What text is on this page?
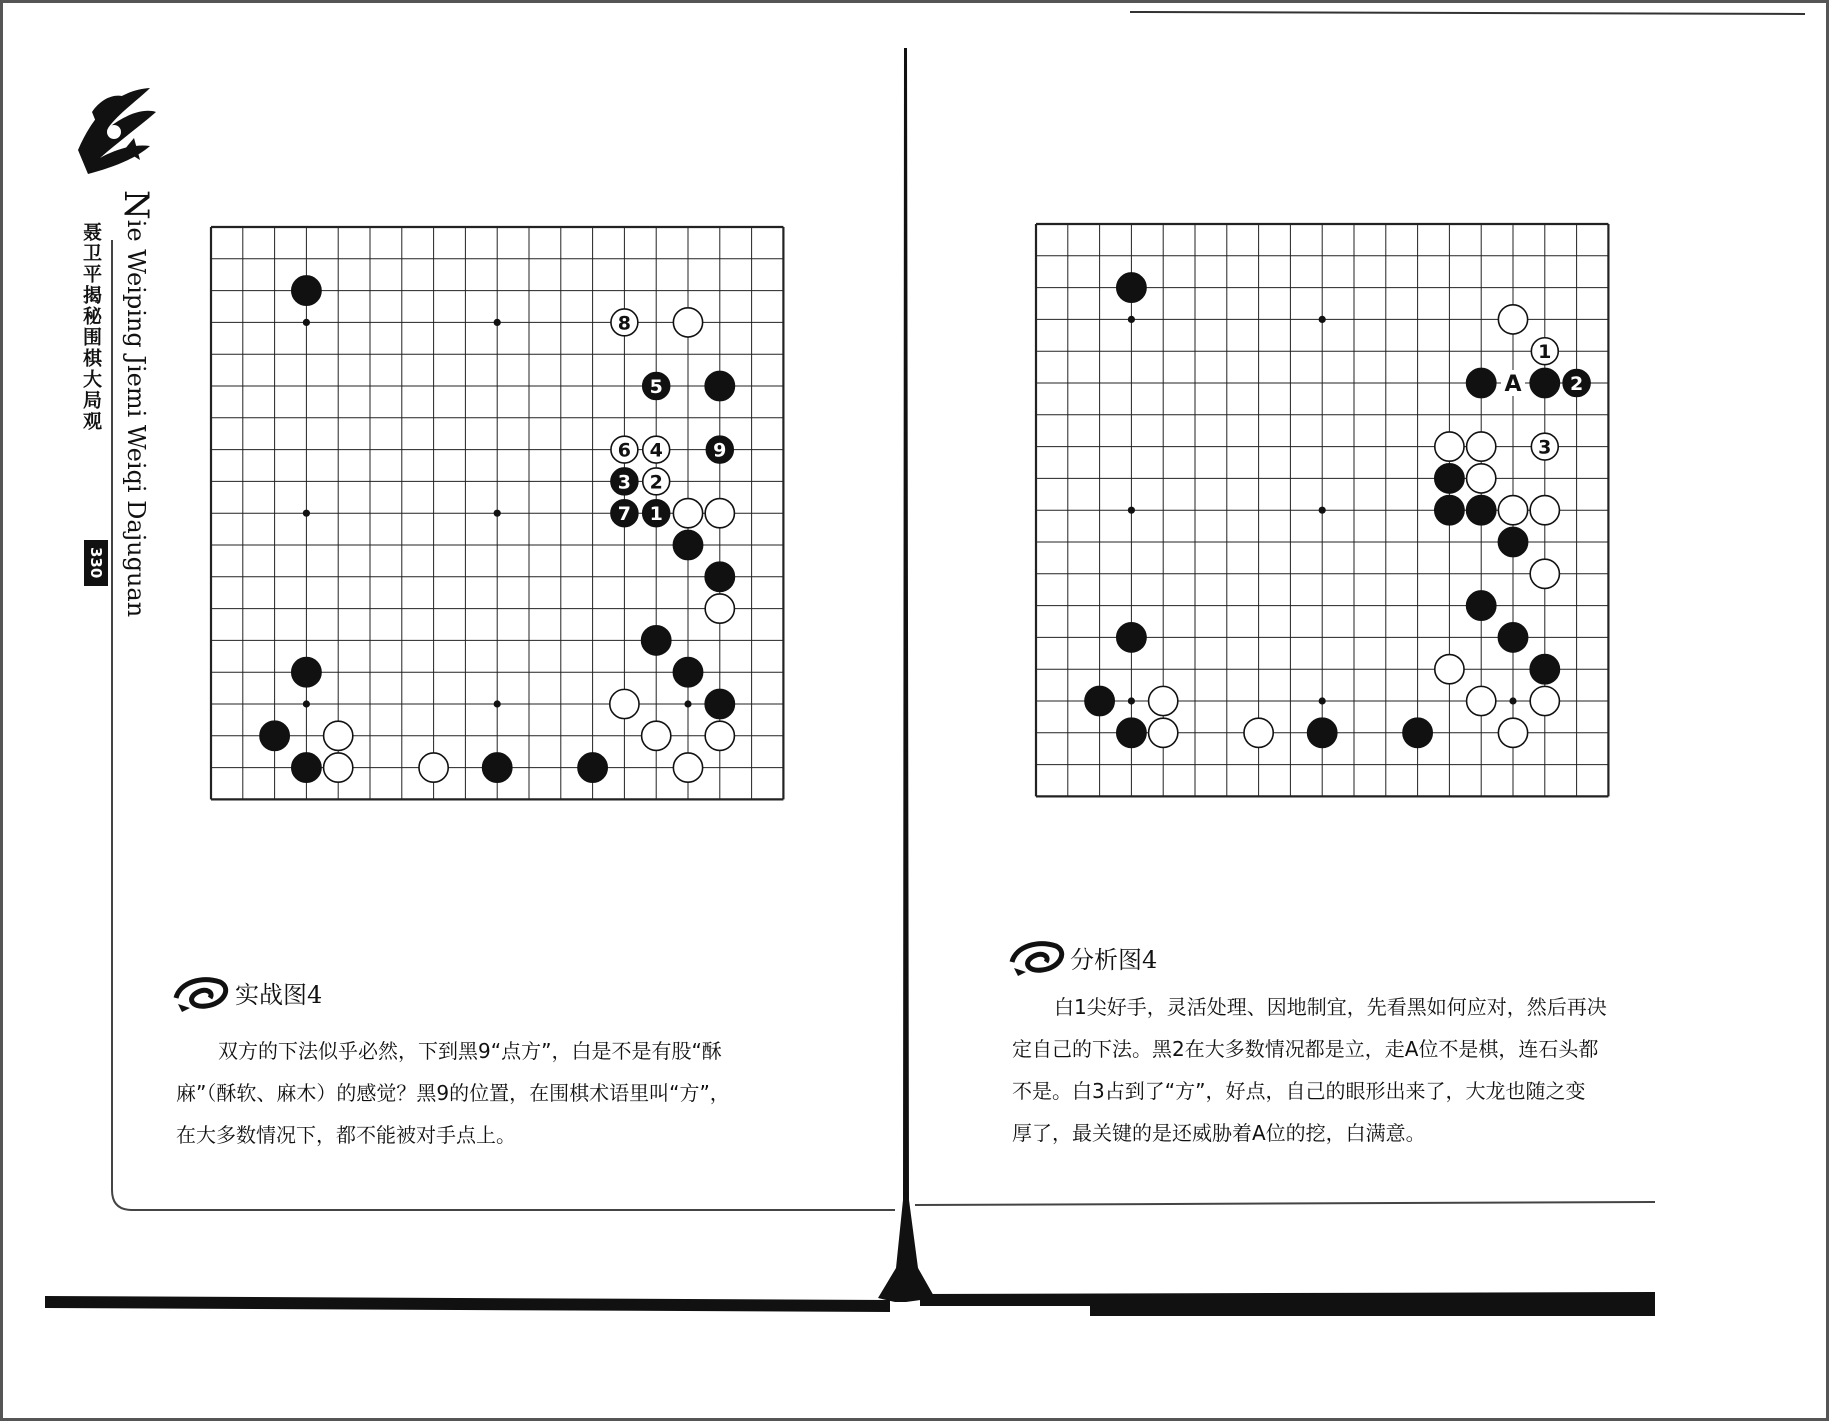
1
2
3
4
5
6
7
8
9
1
2
3
A
聂卫平揭秘围棋大局观
Nie Weiping Jiemi Weiqi Dajuguan
330
实战图4

双方的下法似乎必然，下到黑9“点方”，白是不是有股“酥

麻”（酥软、麻木）的感觉？黑9的位置，在围棋术语里叫“方”，

在大多数情况下，都不能被对手点上。

分析图4

白1尖好手，灵活处理、因地制宜，先看黑如何应对，然后再决

定自己的下法。黑2在大多数情况都是立，走A位不是棋，连石头都

不是。白3占到了“方”，好点，自己的眼形出来了，大龙也随之变

厚了，最关键的是还威胁着A位的挖，白满意。
